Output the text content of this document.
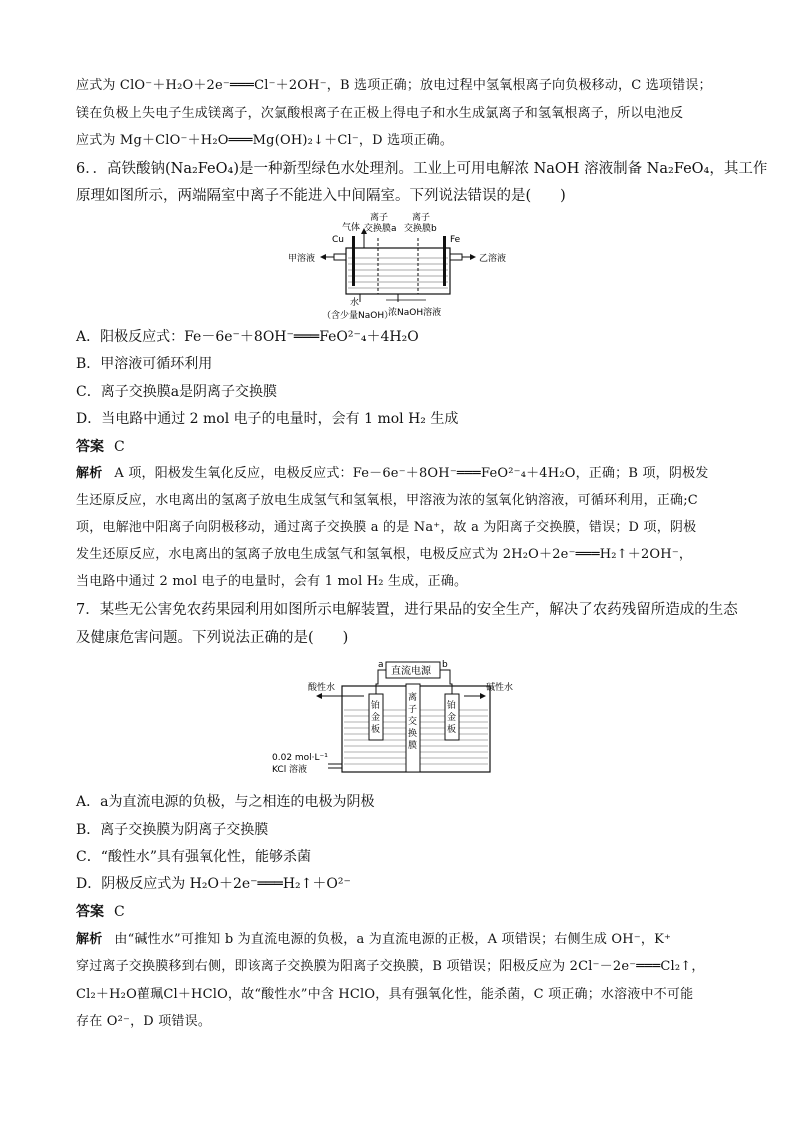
应式为 ClO⁻＋H₂O＋2e⁻═══Cl⁻＋2OH⁻，B 选项正确；放电过程中氢氧根离子向负极移动，C 选项错误；
镁在负极上失电子生成镁离子，次氯酸根离子在正极上得电子和水生成氯离子和氢氧根离子，所以电池反
应式为 Mg＋ClO⁻＋H₂O═══Mg(OH)₂↓＋Cl⁻，D 选项正确。
6．．高铁酸钠(Na₂FeO₄)是一种新型绿色水处理剂。工业上可用电解浓 NaOH 溶液制备 Na₂FeO₄，其工作
原理如图所示，两端隔室中离子不能进入中间隔室。下列说法错误的是(　　)
Cu
气体
离子
交换膜a
离子
交换膜b
Fe
甲溶液	乙溶液
水
（含少量NaOH）
浓NaOH溶液
A．阳极反应式：Fe－6e⁻＋8OH⁻═══FeO²⁻₄＋4H₂O
B．甲溶液可循环利用
C．离子交换膜a是阴离子交换膜
D．当电路中通过 2 mol 电子的电量时，会有 1 mol H₂ 生成
答案 C
解析 A 项，阳极发生氧化反应，电极反应式：Fe－6e⁻＋8OH⁻═══FeO²⁻₄＋4H₂O，正确；B 项，阴极发
生还原反应，水电离出的氢离子放电生成氢气和氢氧根，甲溶液为浓的氢氧化钠溶液，可循环利用，正确;C
项，电解池中阳离子向阴极移动，通过离子交换膜 a 的是 Na⁺，故 a 为阳离子交换膜，错误；D 项，阴极
发生还原反应，水电离出的氢离子放电生成氢气和氢氧根，电极反应式为 2H₂O＋2e⁻═══H₂↑＋2OH⁻，
当电路中通过 2 mol 电子的电量时，会有 1 mol H₂ 生成，正确。
7．某些无公害免农药果园利用如图所示电解装置，进行果品的安全生产，解决了农药残留所造成的生态
及健康危害问题。下列说法正确的是(　　)
直流电源
a	b
离
子
交
换
膜
铂
金
板
铂
金
板
酸性水	碱性水
0.02 mol·L⁻¹
KCl 溶液
A．a为直流电源的负极，与之相连的电极为阴极
B．离子交换膜为阴离子交换膜
C．“酸性水”具有强氧化性，能够杀菌
D．阴极反应式为 H₂O＋2e⁻═══H₂↑＋O²⁻
答案 C
解析 由“碱性水”可推知 b 为直流电源的负极，a 为直流电源的正极，A 项错误；右侧生成 OH⁻，K⁺
穿过离子交换膜移到右侧，即该离子交换膜为阳离子交换膜，B 项错误；阳极反应为 2Cl⁻－2e⁻═══Cl₂↑，
Cl₂＋H₂O雚珮Cl＋HClO，故“酸性水”中含 HClO，具有强氧化性，能杀菌，C 项正确；水溶液中不可能
存在 O²⁻，D 项错误。
